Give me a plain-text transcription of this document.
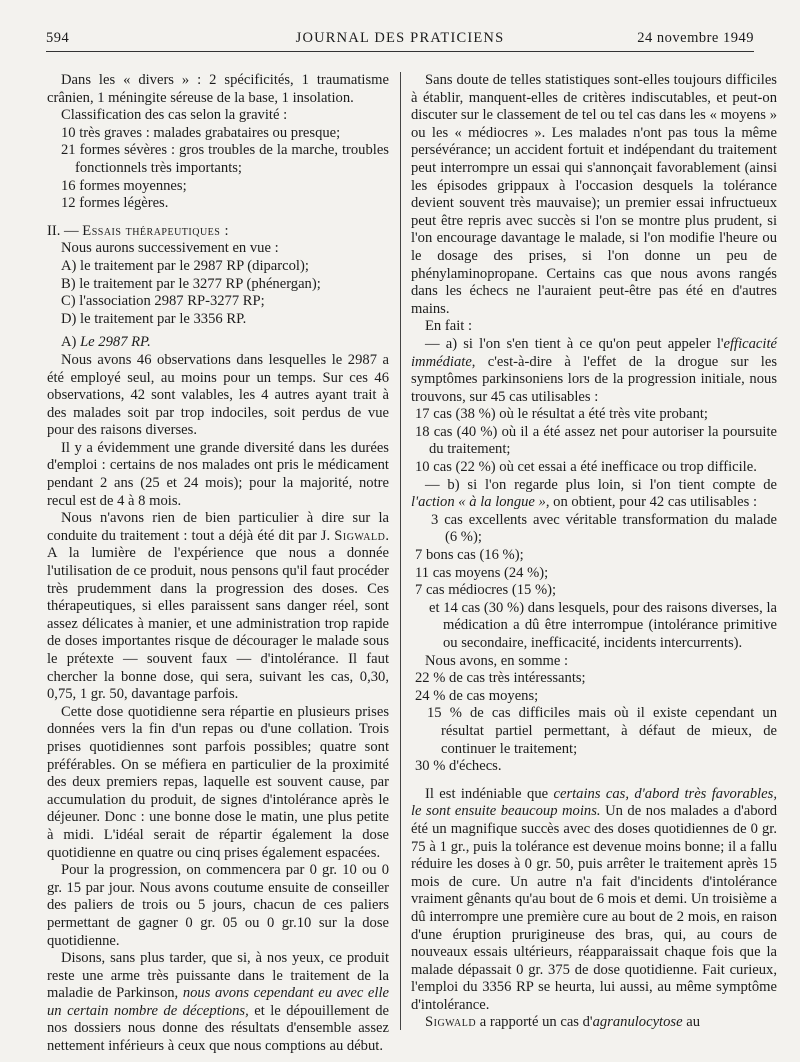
594	JOURNAL DES PRATICIENS	24 novembre 1949

Dans les « divers » : 2 spécificités, 1 traumatisme crânien, 1 méningite séreuse de la base, 1 insolation.

Classification des cas selon la gravité :

10 très graves : malades grabataires ou presque;

21 formes sévères : gros troubles de la marche, troubles fonctionnels très importants;

16 formes moyennes;

12 formes légères.

II. — Essais thérapeutiques :

Nous aurons successivement en vue :

A) le traitement par le 2987 RP (diparcol);

B) le traitement par le 3277 RP (phénergan);

C) l'association 2987 RP-3277 RP;

D) le traitement par le 3356 RP.

A) Le 2987 RP.

Nous avons 46 observations dans lesquelles le 2987 a été employé seul, au moins pour un temps. Sur ces 46 observations, 42 sont valables, les 4 autres ayant trait à des malades soit par trop indociles, soit perdus de vue pour des raisons diverses.

Il y a évidemment une grande diversité dans les durées d'emploi : certains de nos malades ont pris le médicament pendant 2 ans (25 et 24 mois); pour la majorité, notre recul est de 4 à 8 mois.

Nous n'avons rien de bien particulier à dire sur la conduite du traitement : tout a déjà été dit par J. Sigwald. A la lumière de l'expérience que nous a donnée l'utilisation de ce produit, nous pensons qu'il faut procéder très prudemment dans la progression des doses. Ces thérapeutiques, si elles paraissent sans danger réel, sont assez délicates à manier, et une administration trop rapide de doses importantes risque de décourager le malade sous le prétexte — souvent faux — d'intolérance. Il faut chercher la bonne dose, qui sera, suivant les cas, 0,30, 0,75, 1 gr. 50, davantage parfois.

Cette dose quotidienne sera répartie en plusieurs prises données vers la fin d'un repas ou d'une collation. Trois prises quotidiennes sont parfois possibles; quatre sont préférables. On se méfiera en particulier de la proximité des deux premiers repas, laquelle est souvent cause, par accumulation du produit, de signes d'intolérance après le déjeuner. Donc : une bonne dose le matin, une plus petite à midi. L'idéal serait de répartir également la dose quotidienne en quatre ou cinq prises également espacées.

Pour la progression, on commencera par 0 gr. 10 ou 0 gr. 15 par jour. Nous avons coutume ensuite de conseiller des paliers de trois ou 5 jours, chacun de ces paliers permettant de gagner 0 gr. 05 ou 0 gr.10 sur la dose quotidienne.

Disons, sans plus tarder, que si, à nos yeux, ce produit reste une arme très puissante dans le traitement de la maladie de Parkinson, nous avons cependant eu avec elle un certain nombre de déceptions, et le dépouillement de nos dossiers nous donne des résultats d'ensemble assez nettement inférieurs à ceux que nous comptions au début.

Sans doute de telles statistiques sont-elles toujours difficiles à établir, manquent-elles de critères indiscutables, et peut-on discuter sur le classement de tel ou tel cas dans les « moyens » ou les « médiocres ». Les malades n'ont pas tous la même persévérance; un accident fortuit et indépendant du traitement peut interrompre un essai qui s'annonçait favorablement (ainsi les épisodes grippaux à l'occasion desquels la tolérance devient souvent très mauvaise); un premier essai infructueux peut être repris avec succès si l'on se montre plus prudent, si l'on encourage davantage le malade, si l'on modifie l'heure ou le dosage des prises, si l'on donne un peu de phénylaminopropane. Certains cas que nous avons rangés dans les échecs ne l'auraient peut-être pas été en d'autres mains.

En fait :

— a) si l'on s'en tient à ce qu'on peut appeler l'efficacité immédiate, c'est-à-dire à l'effet de la drogue sur les symptômes parkinsoniens lors de la progression initiale, nous trouvons, sur 45 cas utilisables :

17 cas (38 %) où le résultat a été très vite probant;

18 cas (40 %) où il a été assez net pour autoriser la poursuite du traitement;

10 cas (22 %) où cet essai a été inefficace ou trop difficile.

— b) si l'on regarde plus loin, si l'on tient compte de l'action « à la longue », on obtient, pour 42 cas utilisables :

3 cas excellents avec véritable transformation du malade (6 %);

7 bons cas (16 %);

11 cas moyens (24 %);

7 cas médiocres (15 %);

et 14 cas (30 %) dans lesquels, pour des raisons diverses, la médication a dû être interrompue (intolérance primitive ou secondaire, inefficacité, incidents intercurrents).

Nous avons, en somme :

22 % de cas très intéressants;

24 % de cas moyens;

15 % de cas difficiles mais où il existe cependant un résultat partiel permettant, à défaut de mieux, de continuer le traitement;

30 % d'échecs.

Il est indéniable que certains cas, d'abord très favorables, le sont ensuite beaucoup moins. Un de nos malades a d'abord été un magnifique succès avec des doses quotidiennes de 0 gr. 75 à 1 gr., puis la tolérance est devenue moins bonne; il a fallu réduire les doses à 0 gr. 50, puis arrêter le traitement après 15 mois de cure. Un autre n'a fait d'incidents d'intolérance vraiment gênants qu'au bout de 6 mois et demi. Un troisième a dû interrompre une première cure au bout de 2 mois, en raison d'une éruption prurigineuse des bras, qui, au cours de nouveaux essais ultérieurs, réapparaissait chaque fois que la malade dépassait 0 gr. 375 de dose quotidienne. Fait curieux, l'emploi du 3356 RP se heurta, lui aussi, au même symptôme d'intolérance.

Sigwald a rapporté un cas d'agranulocytose au
